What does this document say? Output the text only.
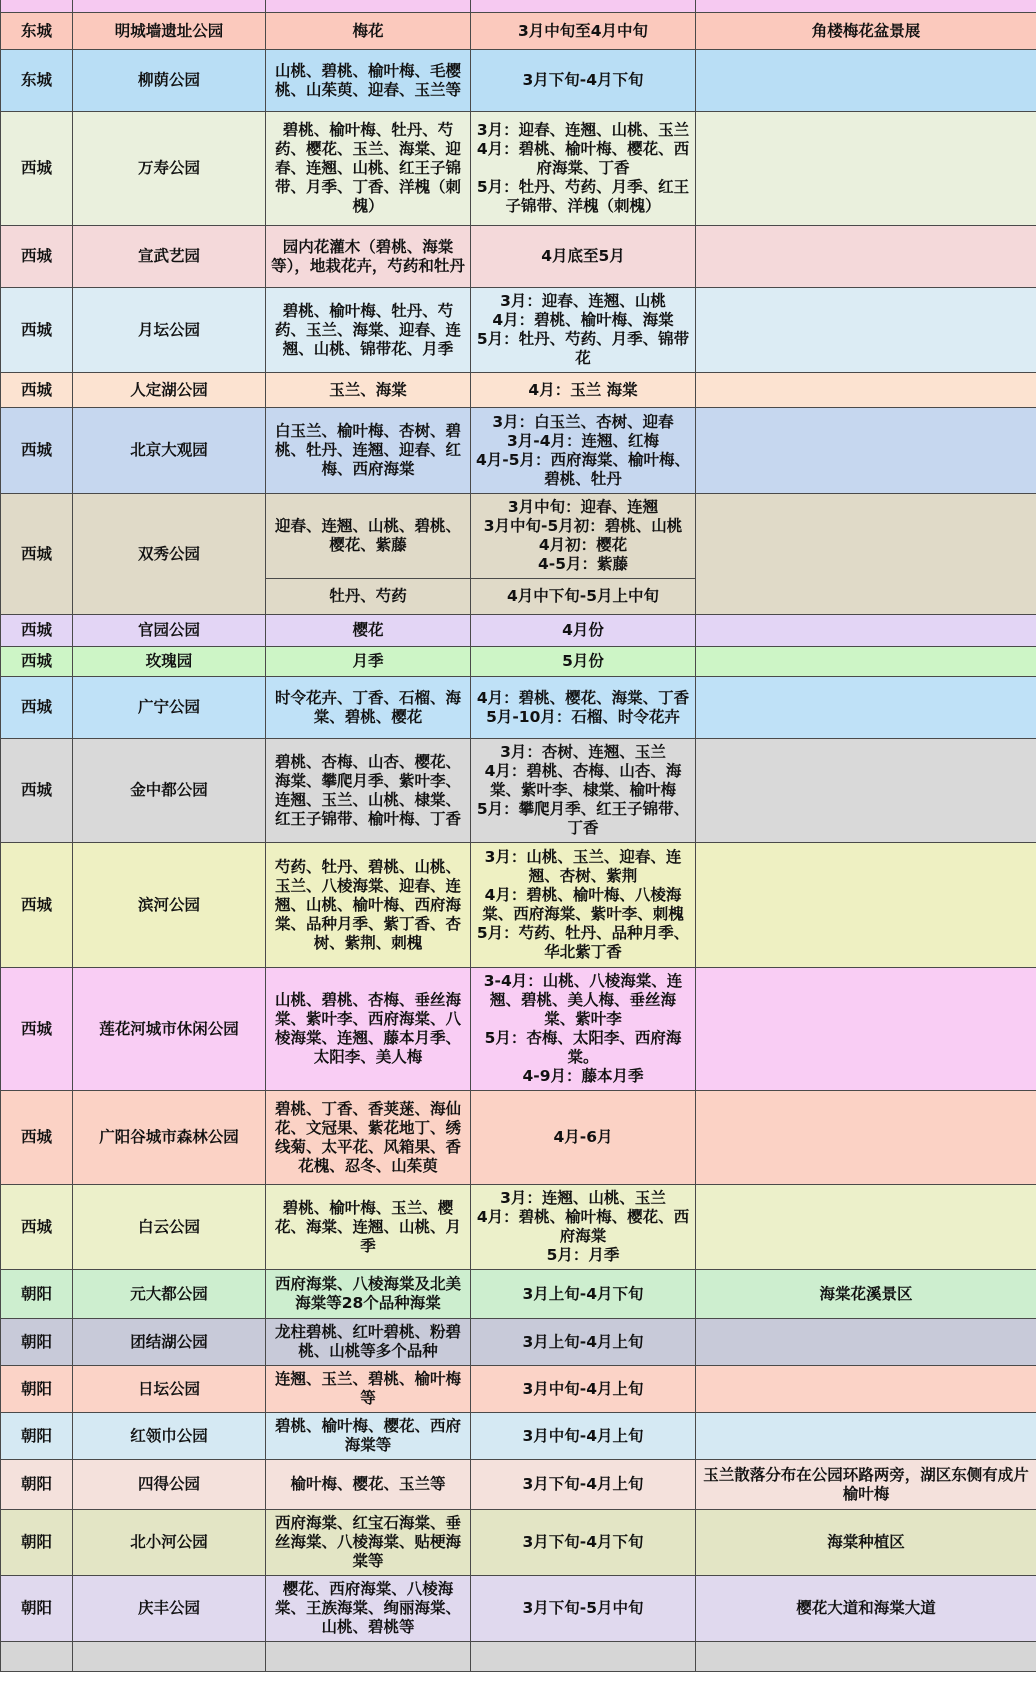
东城	明城墙遗址公园	梅花	3月中旬至4月中旬	角楼梅花盆景展
东城	柳荫公园	山桃、碧桃、榆叶梅、毛樱桃、山茱萸、迎春、玉兰等	3月下旬-4月下旬	
西城	万寿公园	碧桃、榆叶梅、牡丹、芍药、樱花、玉兰、海棠、迎春、连翘、山桃、红王子锦带、月季、丁香、洋槐（刺槐）	3月：迎春、连翘、山桃、玉兰
4月：碧桃、榆叶梅、樱花、西府海棠、丁香
5月：牡丹、芍药、月季、红王子锦带、洋槐（刺槐）	
西城	宣武艺园	园内花灌木（碧桃、海棠等），地栽花卉，芍药和牡丹	4月底至5月	
西城	月坛公园	碧桃、榆叶梅、牡丹、芍药、玉兰、海棠、迎春、连翘、山桃、锦带花、月季	3月：迎春、连翘、山桃
4月：碧桃、榆叶梅、海棠
5月：牡丹、芍药、月季、锦带花	
西城	人定湖公园	玉兰、海棠	4月：玉兰 海棠	
西城	北京大观园	白玉兰、榆叶梅、杏树、碧桃、牡丹、连翘、迎春、红梅、西府海棠	3月：白玉兰、杏树、迎春
3月-4月：连翘、红梅
4月-5月：西府海棠、榆叶梅、碧桃、牡丹	
西城	双秀公园	迎春、连翘、山桃、碧桃、樱花、紫藤	3月中旬：迎春、连翘
3月中旬-5月初：碧桃、山桃
4月初：樱花
4-5月：紫藤	
		牡丹、芍药	4月中下旬-5月上中旬	
西城	官园公园	樱花	4月份	
西城	玫瑰园	月季	5月份	
西城	广宁公园	时令花卉、丁香、石榴、海棠、碧桃、樱花	4月：碧桃、樱花、海棠、丁香
5月-10月：石榴、时令花卉	
西城	金中都公园	碧桃、杏梅、山杏、樱花、海棠、攀爬月季、紫叶李、连翘、玉兰、山桃、棣棠、红王子锦带、榆叶梅、丁香	3月：杏树、连翘、玉兰
4月：碧桃、杏梅、山杏、海棠、紫叶李、棣棠、榆叶梅
5月：攀爬月季、红王子锦带、丁香	
西城	滨河公园	芍药、牡丹、碧桃、山桃、玉兰、八棱海棠、迎春、连翘、山桃、榆叶梅、西府海棠、品种月季、紫丁香、杏树、紫荆、刺槐	3月：山桃、玉兰、迎春、连翘、杏树、紫荆
4月：碧桃、榆叶梅、八棱海棠、西府海棠、紫叶李、刺槐
5月：芍药、牡丹、品种月季、华北紫丁香	
西城	莲花河城市休闲公园	山桃、碧桃、杏梅、垂丝海棠、紫叶李、西府海棠、八棱海棠、连翘、藤本月季、太阳李、美人梅	3-4月：山桃、八棱海棠、连翘、碧桃、美人梅、垂丝海棠、紫叶李
5月：杏梅、太阳李、西府海棠。
4-9月：藤本月季	
西城	广阳谷城市森林公园	碧桃、丁香、香荚蒾、海仙花、文冠果、紫花地丁、绣线菊、太平花、风箱果、香花槐、忍冬、山茱萸	4月-6月	
西城	白云公园	碧桃、榆叶梅、玉兰、樱花、海棠、连翘、山桃、月季	3月：连翘、山桃、玉兰
4月：碧桃、榆叶梅、樱花、西府海棠
5月：月季	
朝阳	元大都公园	西府海棠、八棱海棠及北美海棠等28个品种海棠	3月上旬-4月下旬	海棠花溪景区
朝阳	团结湖公园	龙柱碧桃、红叶碧桃、粉碧桃、山桃等多个品种	3月上旬-4月上旬	
朝阳	日坛公园	连翘、玉兰、碧桃、榆叶梅等	3月中旬-4月上旬	
朝阳	红领巾公园	碧桃、榆叶梅、樱花、西府海棠等	3月中旬-4月上旬	
朝阳	四得公园	榆叶梅、樱花、玉兰等	3月下旬-4月上旬	玉兰散落分布在公园环路两旁，湖区东侧有成片榆叶梅
朝阳	北小河公园	西府海棠、红宝石海棠、垂丝海棠、八棱海棠、贴梗海棠等	3月下旬-4月下旬	海棠种植区
朝阳	庆丰公园	樱花、西府海棠、八棱海棠、王族海棠、绚丽海棠、山桃、碧桃等	3月下旬-5月中旬	樱花大道和海棠大道
